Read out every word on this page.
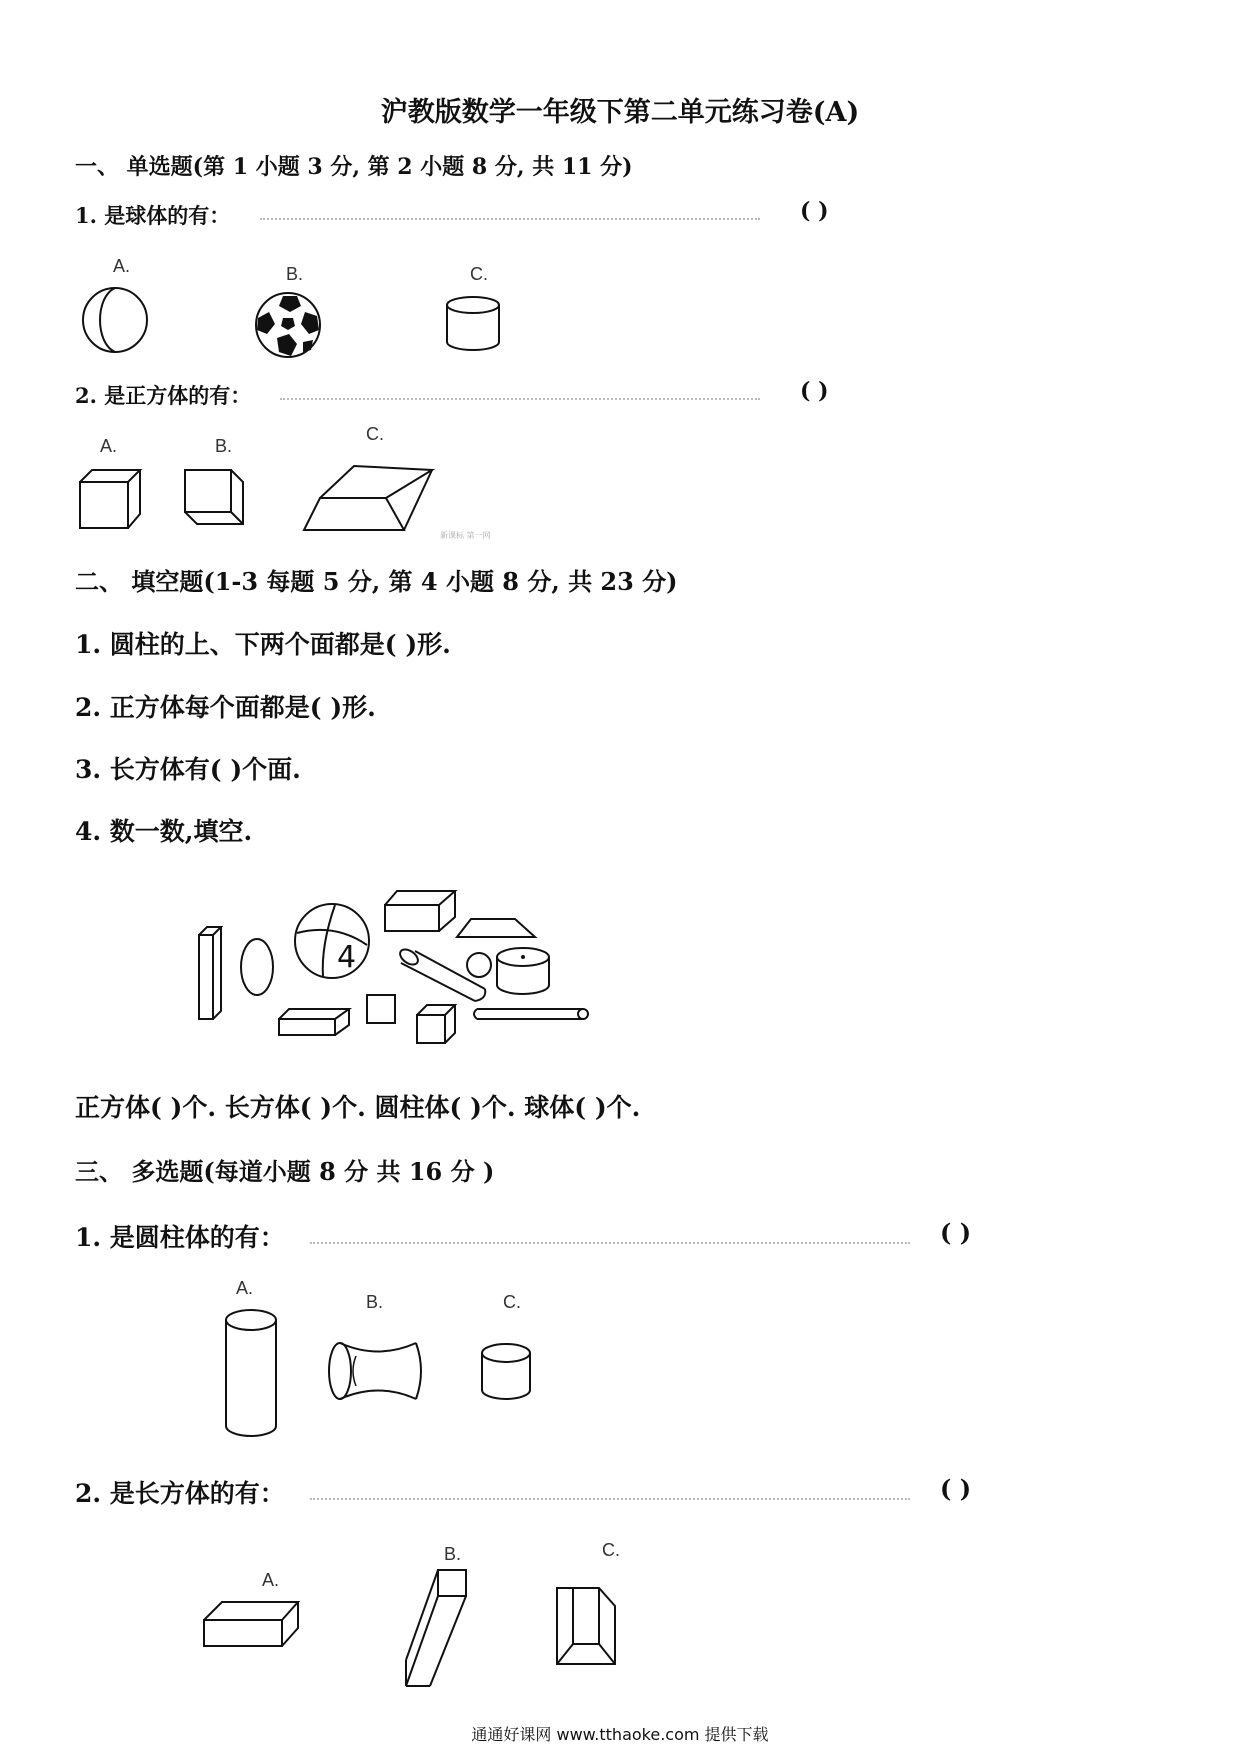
沪教版数学一年级下第二单元练习卷(A)
一、 单选题(第 1 小题 3 分, 第 2 小题 8 分, 共 11 分)
1. 是球体的有：	( )
A.	B.	C.
2. 是正方体的有：	( )
A.	B.
C.
新课标 第一网
二、 填空题(1-3 每题 5 分, 第 4 小题 8 分, 共 23 分)
1. 圆柱的上、下两个面都是( )形.
2. 正方体每个面都是( )形.
3. 长方体有( )个面.
4. 数一数,填空.
4
正方体( )个. 长方体( )个. 圆柱体( )个. 球体( )个.
三、 多选题(每道小题 8 分 共 16 分 )
1. 是圆柱体的有：	( )
A.
B.	C.
2. 是长方体的有：	( )
A.
B.	C.
通通好课网 www.tthaoke.com 提供下载
